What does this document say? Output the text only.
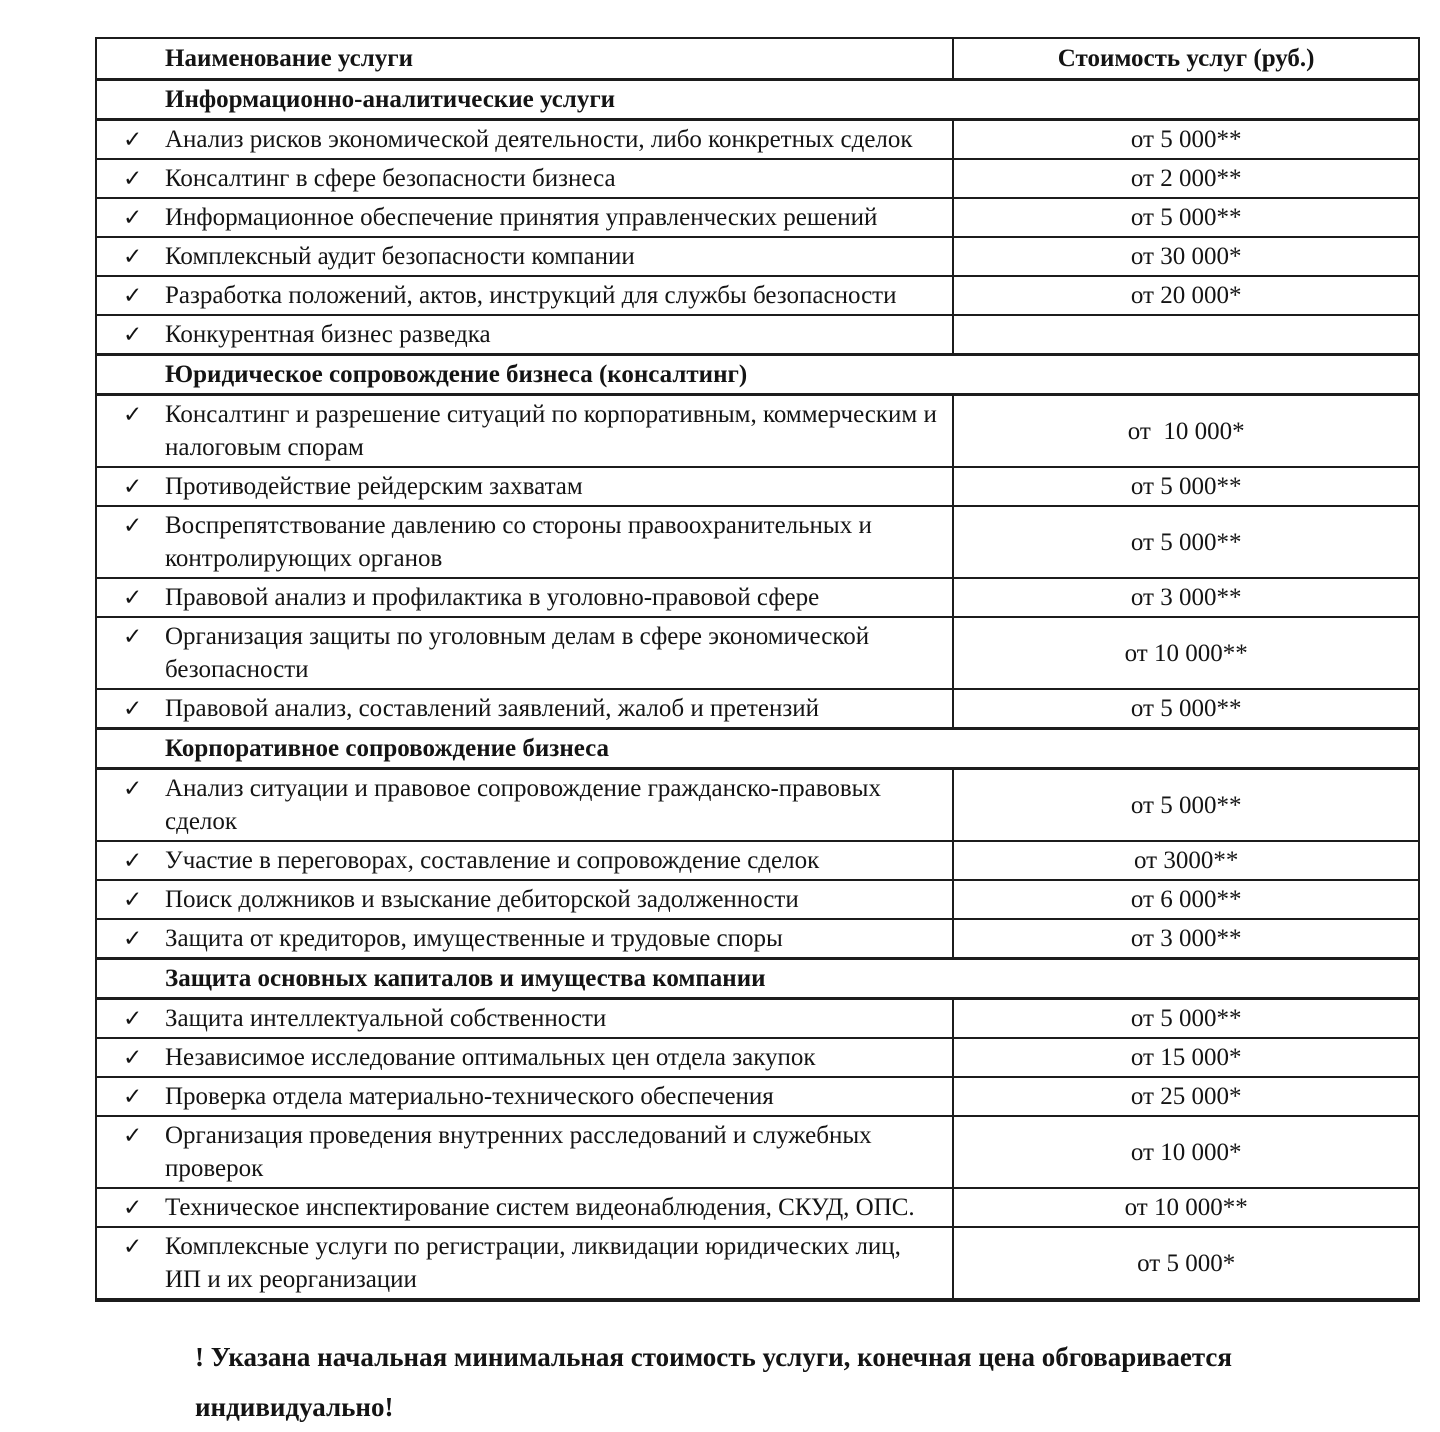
Наименование услуги	Стоимость услуг (руб.)
Информационно-аналитические услуги	

✓ Анализ рисков экономической деятельности, либо конкретных сделок	от 5 000**

✓ Консалтинг в сфере безопасности бизнеса	от 2 000**

✓ Информационное обеспечение принятия управленческих решений	от 5 000**

✓ Комплексный аудит безопасности компании	от 30 000*

✓ Разработка положений, актов, инструкций для службы безопасности	от 20 000*

✓ Конкурентная бизнес разведка	

Юридическое сопровождение бизнеса (консалтинг)	

✓ Консалтинг и разрешение ситуаций по корпоративным, коммерческим и налоговым спорам	от  10 000*

✓ Противодействие рейдерским захватам	от 5 000**

✓ Воспрепятствование давлению со стороны правоохранительных и контролирующих органов	от 5 000**

✓ Правовой анализ и профилактика в уголовно-правовой сфере	от 3 000**

✓ Организация защиты по уголовным делам в сфере экономической безопасности	от 10 000**

✓ Правовой анализ, составлений заявлений, жалоб и претензий	от 5 000**
Корпоративное сопровождение бизнеса	

✓ Анализ ситуации и правовое сопровождение гражданско-правовых сделок	от 5 000**

✓ Участие в переговорах, составление и сопровождение сделок	от 3000**

✓ Поиск должников и взыскание дебиторской задолженности	от 6 000**

✓ Защита от кредиторов, имущественные и трудовые споры	от 3 000**
Защита основных капиталов и имущества компании	

✓ Защита интеллектуальной собственности	от 5 000**

✓ Независимое исследование оптимальных цен отдела закупок	от 15 000*

✓ Проверка отдела материально-технического обеспечения	от 25 000*

✓ Организация проведения внутренних расследований и служебных проверок	от 10 000*

✓ Техническое инспектирование систем видеонаблюдения, СКУД, ОПС.	от 10 000**

✓ Комплексные услуги по регистрации, ликвидации юридических лиц, ИП и их реорганизации	от 5 000*

! Указана начальная минимальная стоимость услуги, конечная цена обговаривается индивидуально!
